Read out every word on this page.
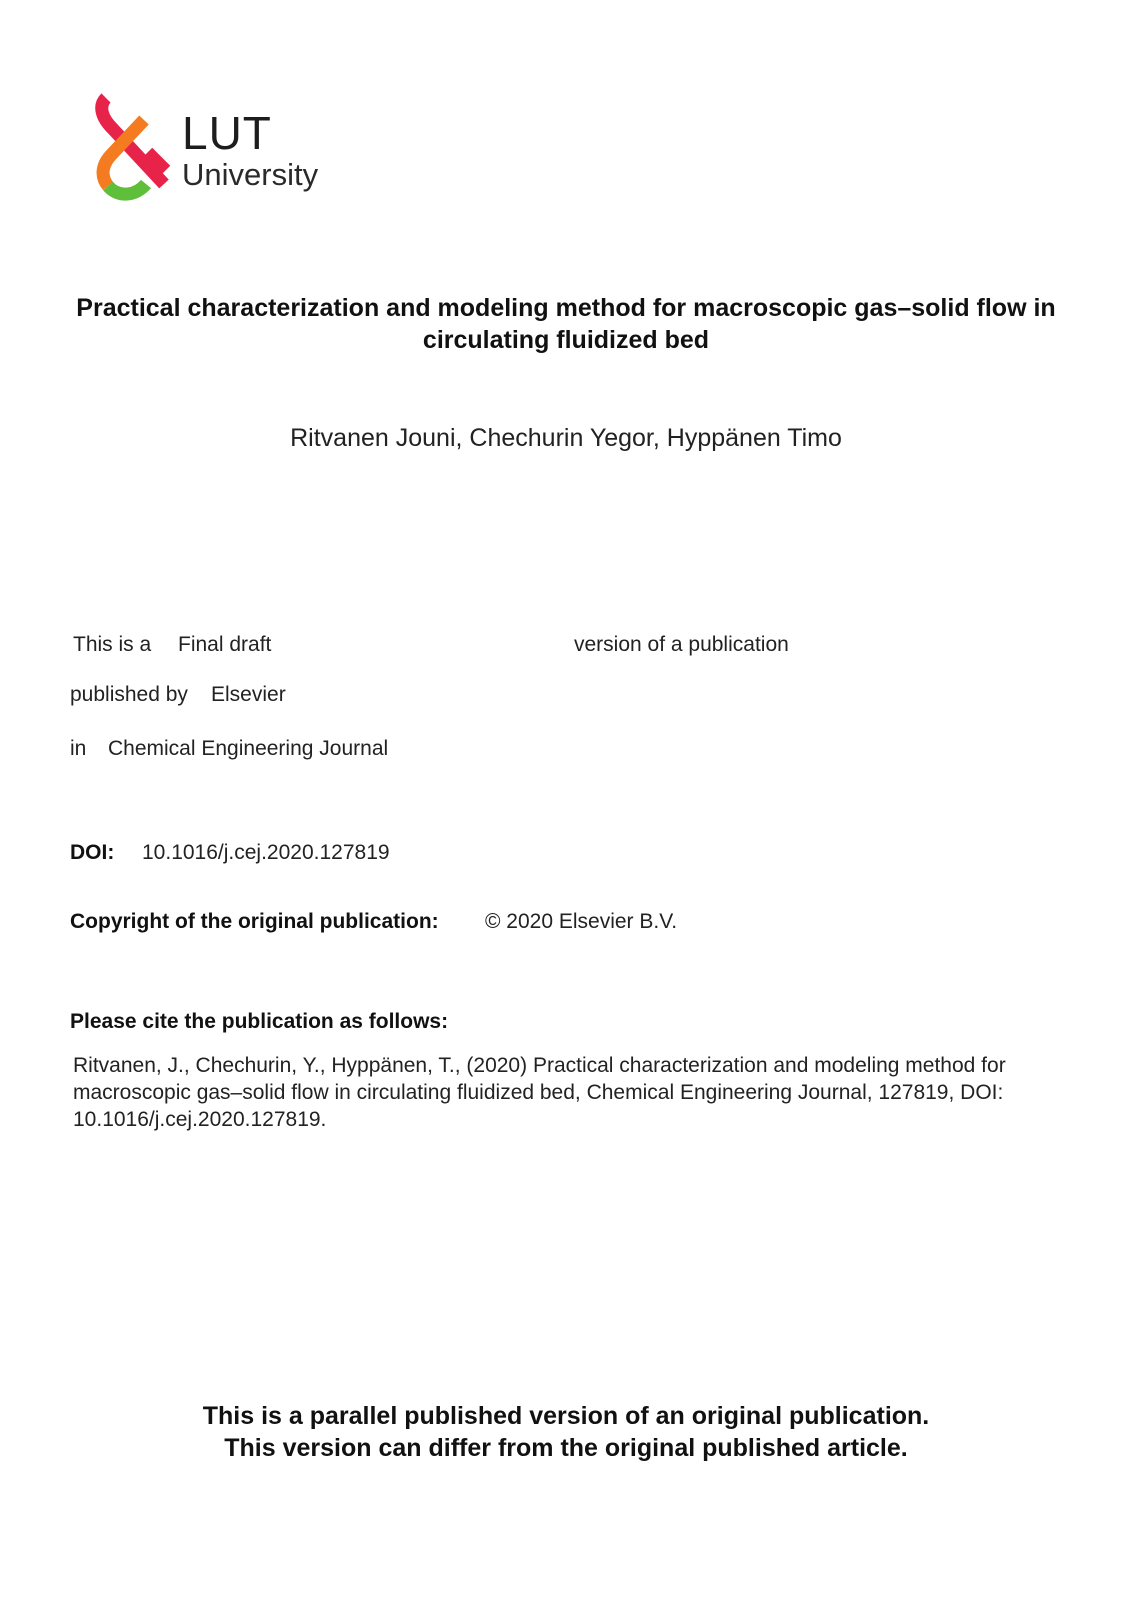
LUT
University
Practical characterization and modeling method for macroscopic gas–solid flow in circulating fluidized bed
Ritvanen Jouni, Chechurin Yegor, Hyppänen Timo
This is a Final draft	version of a publication
published by Elsevier
in Chemical Engineering Journal
DOI: 10.1016/j.cej.2020.127819
Copyright of the original publication: © 2020 Elsevier B.V.
Please cite the publication as follows:
Ritvanen, J., Chechurin, Y., Hyppänen, T., (2020) Practical characterization and modeling method for macroscopic gas–solid flow in circulating fluidized bed, Chemical Engineering Journal, 127819, DOI: 10.1016/j.cej.2020.127819.
This is a parallel published version of an original publication.
This version can differ from the original published article.
